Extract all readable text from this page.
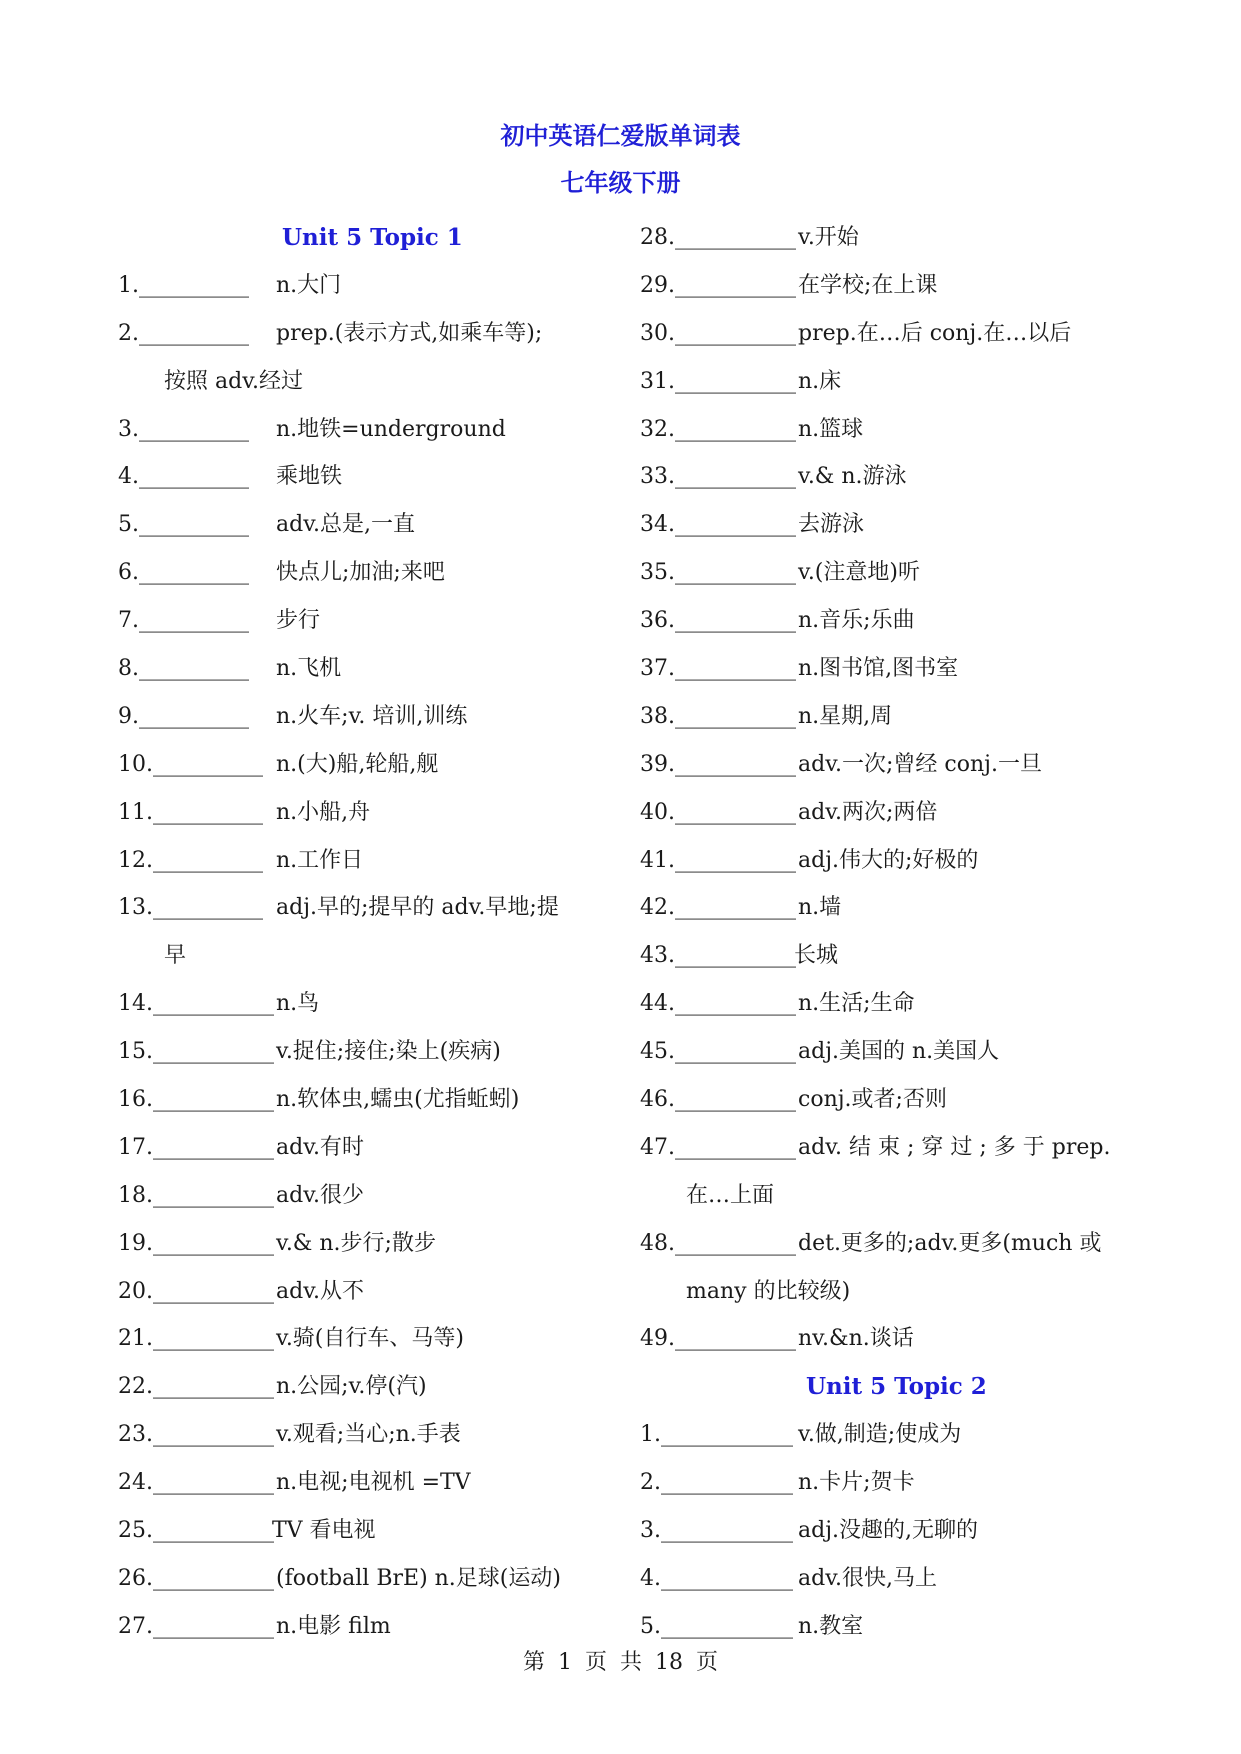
初中英语仁爱版单词表
七年级下册
Unit 5 Topic 1
1.__________ n.大门
2.__________ prep.(表示方式,如乘车等);
按照 adv.经过
3.__________ n.地铁=underground
4.__________ 乘地铁
5.__________ adv.总是,一直
6.__________ 快点儿;加油;来吧
7.__________ 步行
8.__________ n.飞机
9.__________ n.火车;v. 培训,训练
10.__________ n.(大)船,轮船,舰
11.__________ n.小船,舟
12.__________ n.工作日
13.__________ adj.早的;提早的 adv.早地;提
早
14.___________ n.鸟
15.___________ v.捉住;接住;染上(疾病)
16.___________ n.软体虫,蠕虫(尤指蚯蚓)
17.___________ adv.有时
18.___________ adv.很少
19.___________ v.& n.步行;散步
20.___________ adv.从不
21.___________ v.骑(自行车、马等)
22.___________ n.公园;v.停(汽)
23.___________ v.观看;当心;n.手表
24.___________ n.电视;电视机 =TV
25.___________
TV 看电视
26.___________ (football BrE) n.足球(运动)
27.___________ n.电影 film
28.___________ v.开始
29.___________ 在学校;在上课
30.___________ prep.在…后 conj.在…以后
31.___________ n.床
32.___________ n.篮球
33.___________ v.& n.游泳
34.___________ 去游泳
35.___________ v.(注意地)听
36.___________ n.音乐;乐曲
37.___________ n.图书馆,图书室
38.___________ n.星期,周
39.___________ adv.一次;曾经 conj.一旦
40.___________ adv.两次;两倍
41.___________ adj.伟大的;好极的
42.___________ n.墙
43.___________
长城
44.___________ n.生活;生命
45.___________ adj.美国的 n.美国人
46.___________ conj.或者;否则
47.___________ adv. 结 束 ; 穿 过 ; 多 于 prep.
在…上面
48.___________ det.更多的;adv.更多(much 或
many 的比较级)
49.___________ nv.&n.谈话
Unit 5 Topic 2
1.____________ v.做,制造;使成为
2.____________ n.卡片;贺卡
3.____________ adj.没趣的,无聊的
4.____________ adv.很快,马上
5.____________ n.教室
第 1 页 共 18 页
